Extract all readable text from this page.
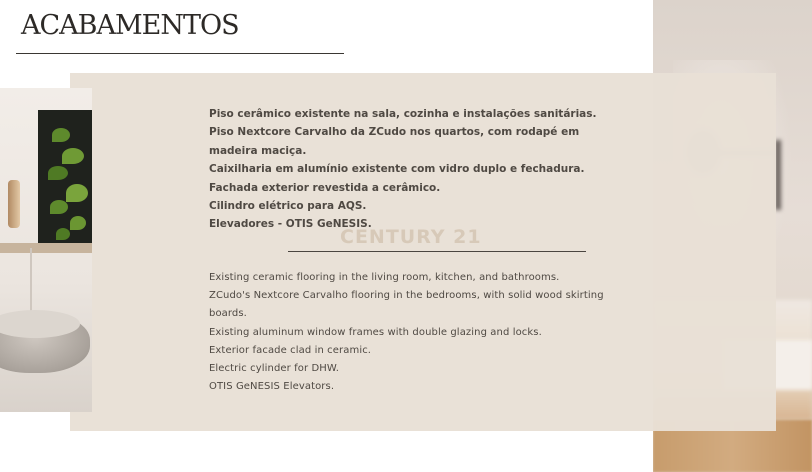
ACABAMENTOS
Piso cerâmico existente na sala, cozinha e instalações sanitárias.
Piso Nextcore Carvalho da ZCudo nos quartos, com rodapé em madeira maciça.
Caixilharia em alumínio existente com vidro duplo e fechadura.
Fachada exterior revestida a cerâmico.
Cilindro elétrico para AQS.
Elevadores - OTIS GeNESIS.
CENTURY 21
Existing ceramic flooring in the living room, kitchen, and bathrooms.
ZCudo's Nextcore Carvalho flooring in the bedrooms, with solid wood skirting boards.
Existing aluminum window frames with double glazing and locks.
Exterior facade clad in ceramic.
Electric cylinder for DHW.
OTIS GeNESIS Elevators.
